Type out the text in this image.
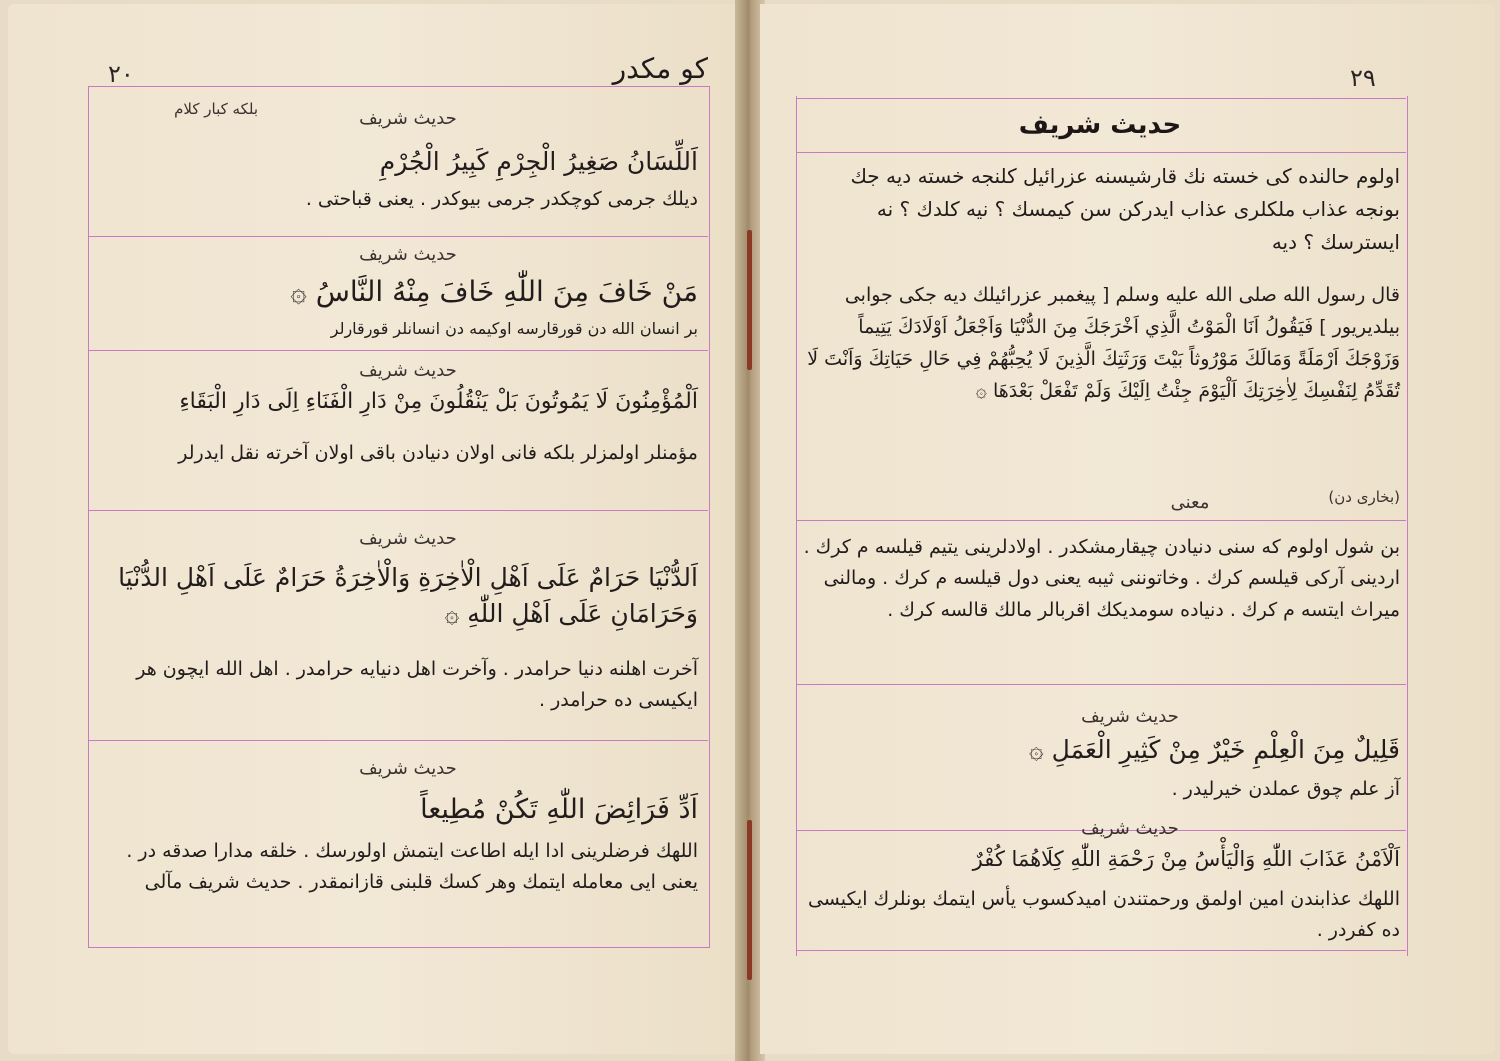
٢٠	كو مكدر
بلكه كبار كلام	حديث شريف
اَللِّسَانُ صَغِيرُ الْجِرْمِ كَبِيرُ الْجُرْمِ
ديلك جرمى كوچكدر جرمى بيوكدر . يعنى قباحتى .
حديث شريف
مَنْ خَافَ مِنَ اللّٰهِ خَافَ مِنْهُ النَّاسُ ۞
بر انسان الله دن قورقارسه اوكيمه دن انسانلر قورقارلر
حديث شريف
اَلْمُؤْمِنُونَ لَا يَمُوتُونَ بَلْ يَنْقُلُونَ مِنْ دَارِ الْفَنَاءِ اِلَى دَارِ الْبَقَاءِ
مؤمنلر اولمزلر بلكه فانى اولان دنيادن باقى اولان آخرته نقل ايدرلر
حديث شريف
اَلدُّنْيَا حَرَامٌ عَلَى اَهْلِ الْاٰخِرَةِ وَالْاٰخِرَةُ حَرَامٌ عَلَى اَهْلِ الدُّنْيَا وَحَرَامَانِ عَلَى اَهْلِ اللّٰهِ ۞
آخرت اهلنه دنيا حرامدر . وآخرت اهل دنيايه حرامدر . اهل الله ايچون هر ايكيسى ده حرامدر .
حديث شريف
اَدِّ فَرَائِضَ اللّٰهِ تَكُنْ مُطِيعاً
اللهك فرضلرينى ادا ايله اطاعت ايتمش اولورسك . خلقه مدارا صدقه در . يعنى ايى معامله ايتمك وهر كسك قلبنى قازانمقدر . حديث شريف مآلى
٢٩
حديث شريف
اولوم حالنده كى خسته نك قارشيسنه عزرائيل كلنجه خسته ديه جك بونجه عذاب ملكلرى عذاب ايدركن سن كيمسك ؟ نيه كلدك ؟ نه ايسترسك ؟ ديه
قال رسول الله صلى الله عليه وسلم [ پيغمبر عزرائيلك ديه جكى جوابى بيلديريور ] فَيَقُولُ اَنَا الْمَوْتُ الَّذِي اَخْرَجَكَ مِنَ الدُّنْيَا وَاَجْعَلُ اَوْلَادَكَ يَتِيماً وَزَوْجَكَ اَرْمَلَةً وَمَالَكَ مَوْرُوثاً بَيْتَ وَرَثَتِكَ الَّذِينَ لَا يُحِبُّهُمْ فِي حَالِ حَيَاتِكَ وَاَنْتَ لَا تُقَدِّمُ لِنَفْسِكَ لِاٰخِرَتِكَ اَلْيَوْمَ جِئْتُ اِلَيْكَ وَلَمْ تَفْعَلْ بَعْدَهَا ۞
(بخارى دن)
معنى
بن شول اولوم كه سنى دنيادن چيقارمشكدر . اولادلرينى يتيم قيلسه م كرك . اردينى آركى قيلسم كرك . وخاتوننى ثيبه يعنى دول قيلسه م كرك . ومالنى ميراث ايتسه م كرك . دنياده سومديكك اقربالر مالك قالسه كرك .
حديث شريف
قَلِيلٌ مِنَ الْعِلْمِ خَيْرٌ مِنْ كَثِيرِ الْعَمَلِ ۞
آز علم چوق عملدن خيرليدر .
حديث شريف
اَلْاَمْنُ عَذَابَ اللّٰهِ وَالْيَأْسُ مِنْ رَحْمَةِ اللّٰهِ كِلَاهُمَا كُفْرٌ
اللهك عذابندن امين اولمق ورحمتندن اميدكسوب يأس ايتمك بونلرك ايكيسى ده كفردر .
